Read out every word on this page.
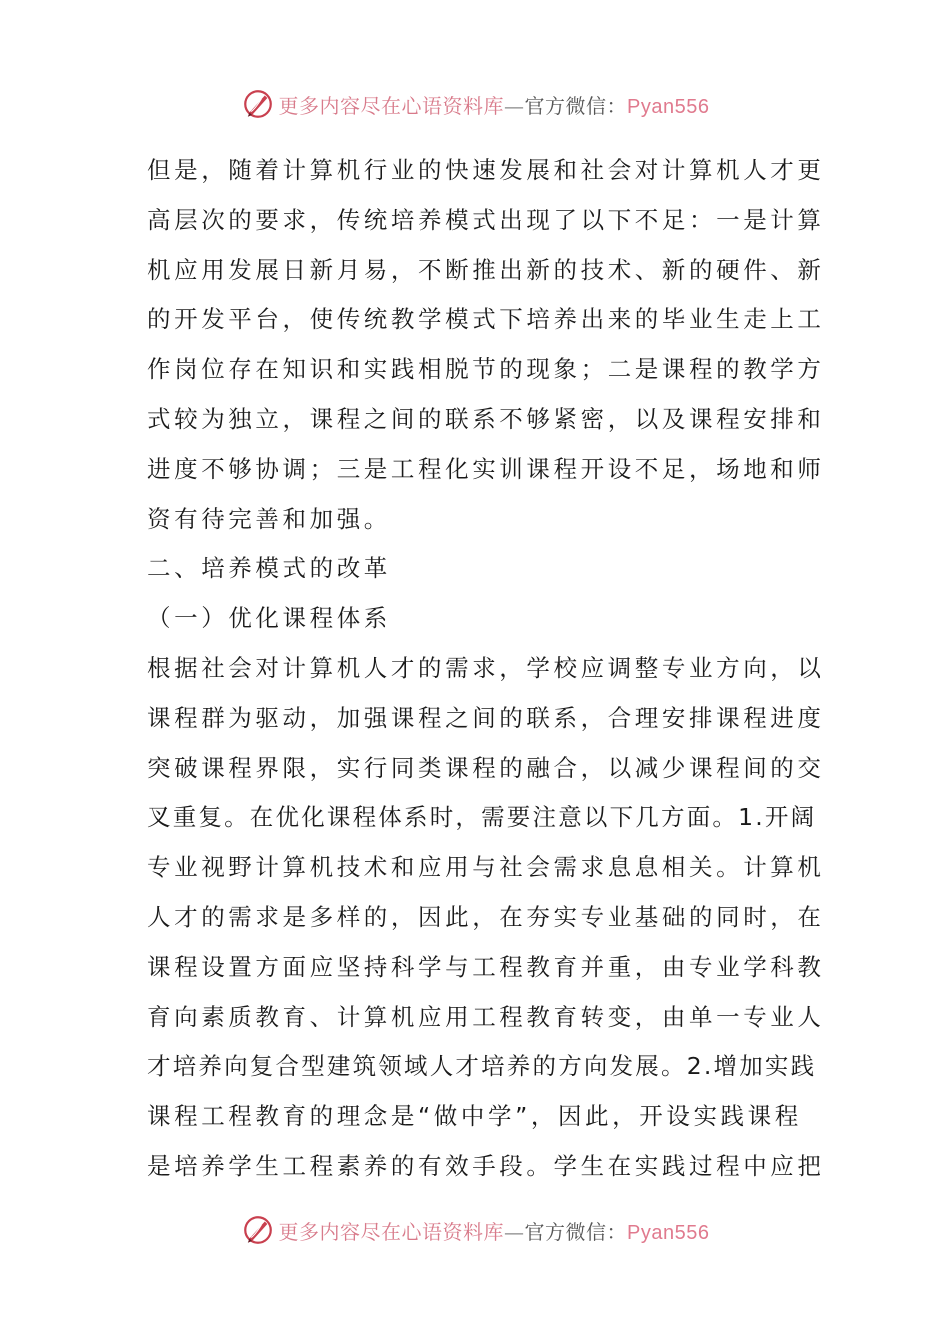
更多内容尽在心语资料库—官方微信：Pyan556
但是，随着计算机行业的快速发展和社会对计算机人才更
高层次的要求，传统培养模式出现了以下不足：一是计算
机应用发展日新月易，不断推出新的技术、新的硬件、新
的开发平台，使传统教学模式下培养出来的毕业生走上工
作岗位存在知识和实践相脱节的现象；二是课程的教学方
式较为独立，课程之间的联系不够紧密，以及课程安排和
进度不够协调；三是工程化实训课程开设不足，场地和师
资有待完善和加强。
二、培养模式的改革
（一）优化课程体系
根据社会对计算机人才的需求，学校应调整专业方向，以
课程群为驱动，加强课程之间的联系，合理安排课程进度
突破课程界限，实行同类课程的融合，以减少课程间的交
叉重复。在优化课程体系时，需要注意以下几方面。1.开阔
专业视野计算机技术和应用与社会需求息息相关。计算机
人才的需求是多样的，因此，在夯实专业基础的同时，在
课程设置方面应坚持科学与工程教育并重，由专业学科教
育向素质教育、计算机应用工程教育转变，由单一专业人
才培养向复合型建筑领域人才培养的方向发展。2.增加实践
课程工程教育的理念是“做中学”，因此，开设实践课程
是培养学生工程素养的有效手段。学生在实践过程中应把
更多内容尽在心语资料库—官方微信：Pyan556
